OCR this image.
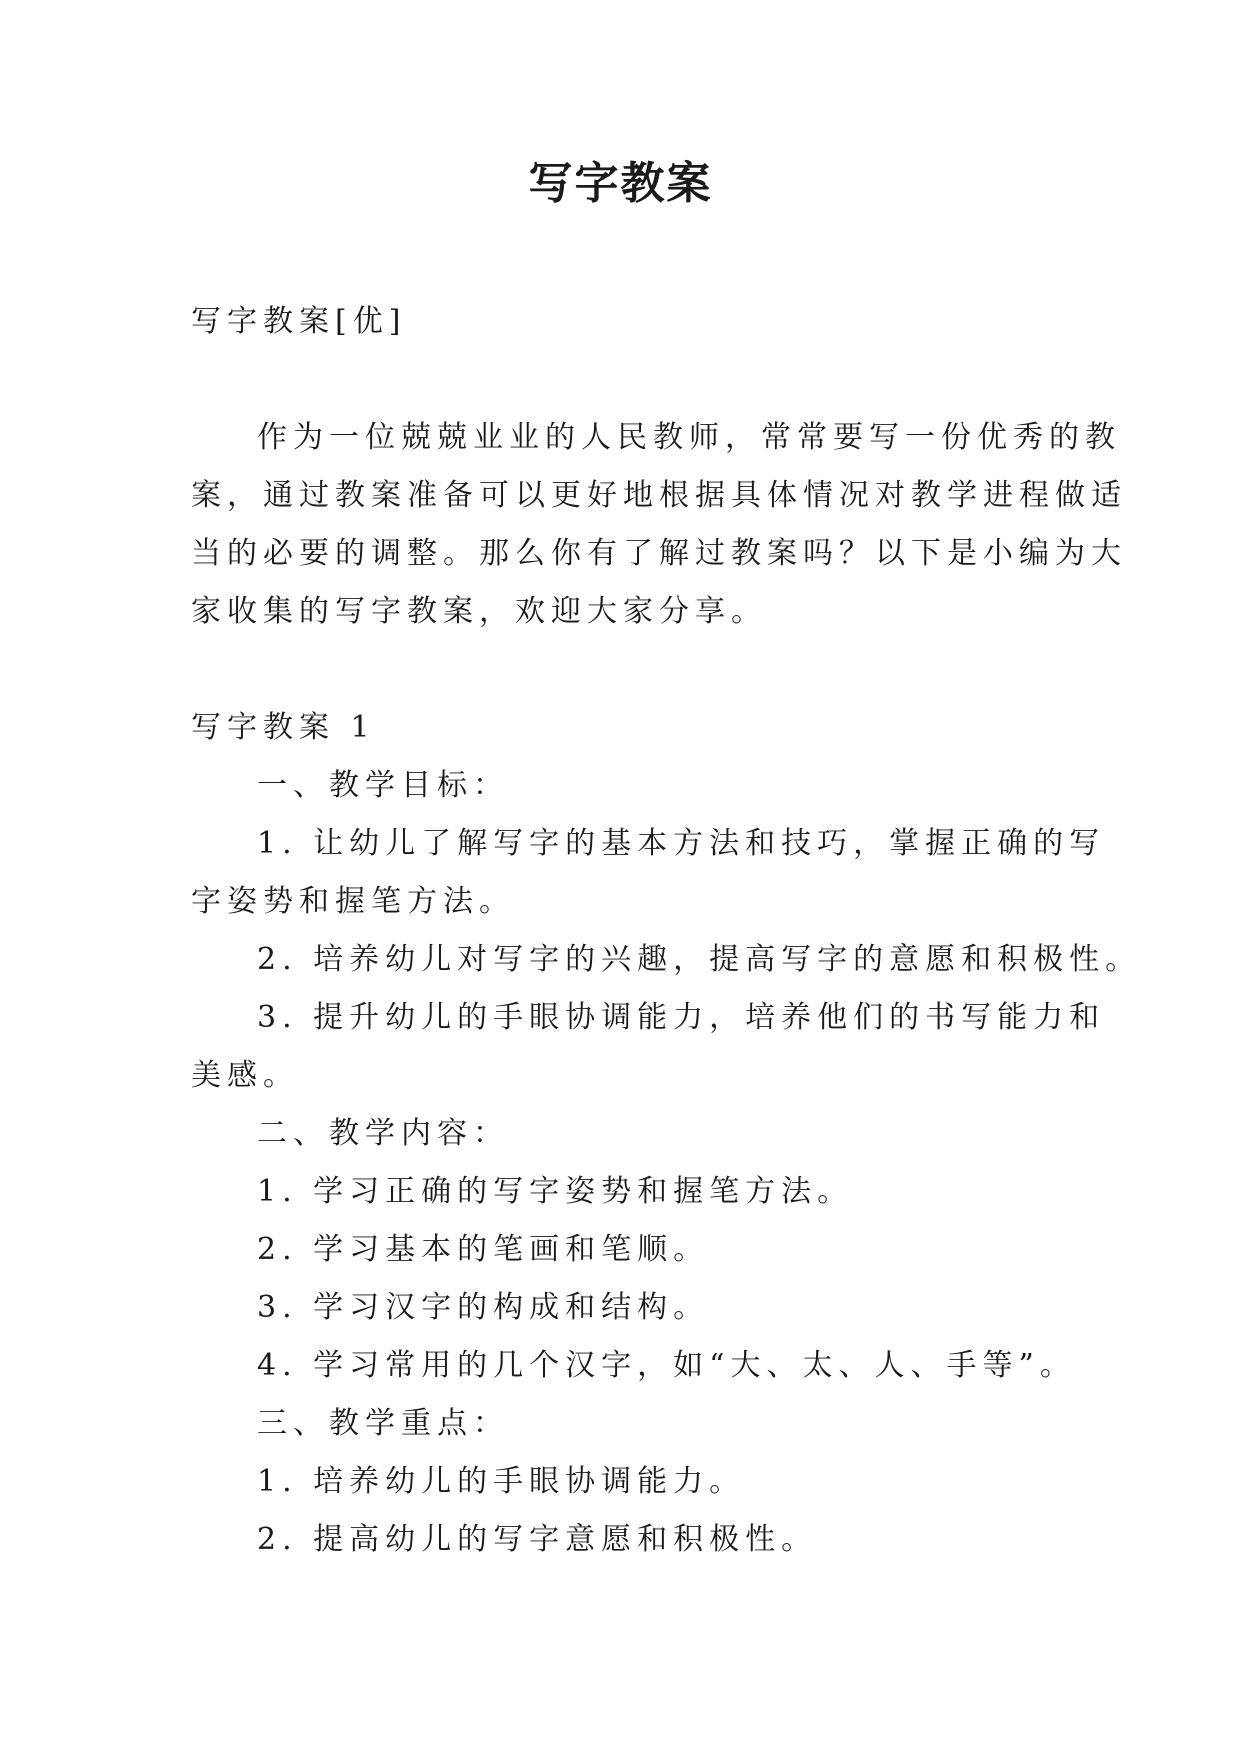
写字教案
写字教案[优]
作为一位兢兢业业的人民教师，常常要写一份优秀的教
案，通过教案准备可以更好地根据具体情况对教学进程做适
当的必要的调整。那么你有了解过教案吗？以下是小编为大
家收集的写字教案，欢迎大家分享。
写字教案 1
一、教学目标：
1. 让幼儿了解写字的基本方法和技巧，掌握正确的写
字姿势和握笔方法。
2. 培养幼儿对写字的兴趣，提高写字的意愿和积极性。
3. 提升幼儿的手眼协调能力，培养他们的书写能力和
美感。
二、教学内容：
1. 学习正确的写字姿势和握笔方法。
2. 学习基本的笔画和笔顺。
3. 学习汉字的构成和结构。
4. 学习常用的几个汉字，如“大、太、人、手等”。
三、教学重点：
1. 培养幼儿的手眼协调能力。
2. 提高幼儿的写字意愿和积极性。
